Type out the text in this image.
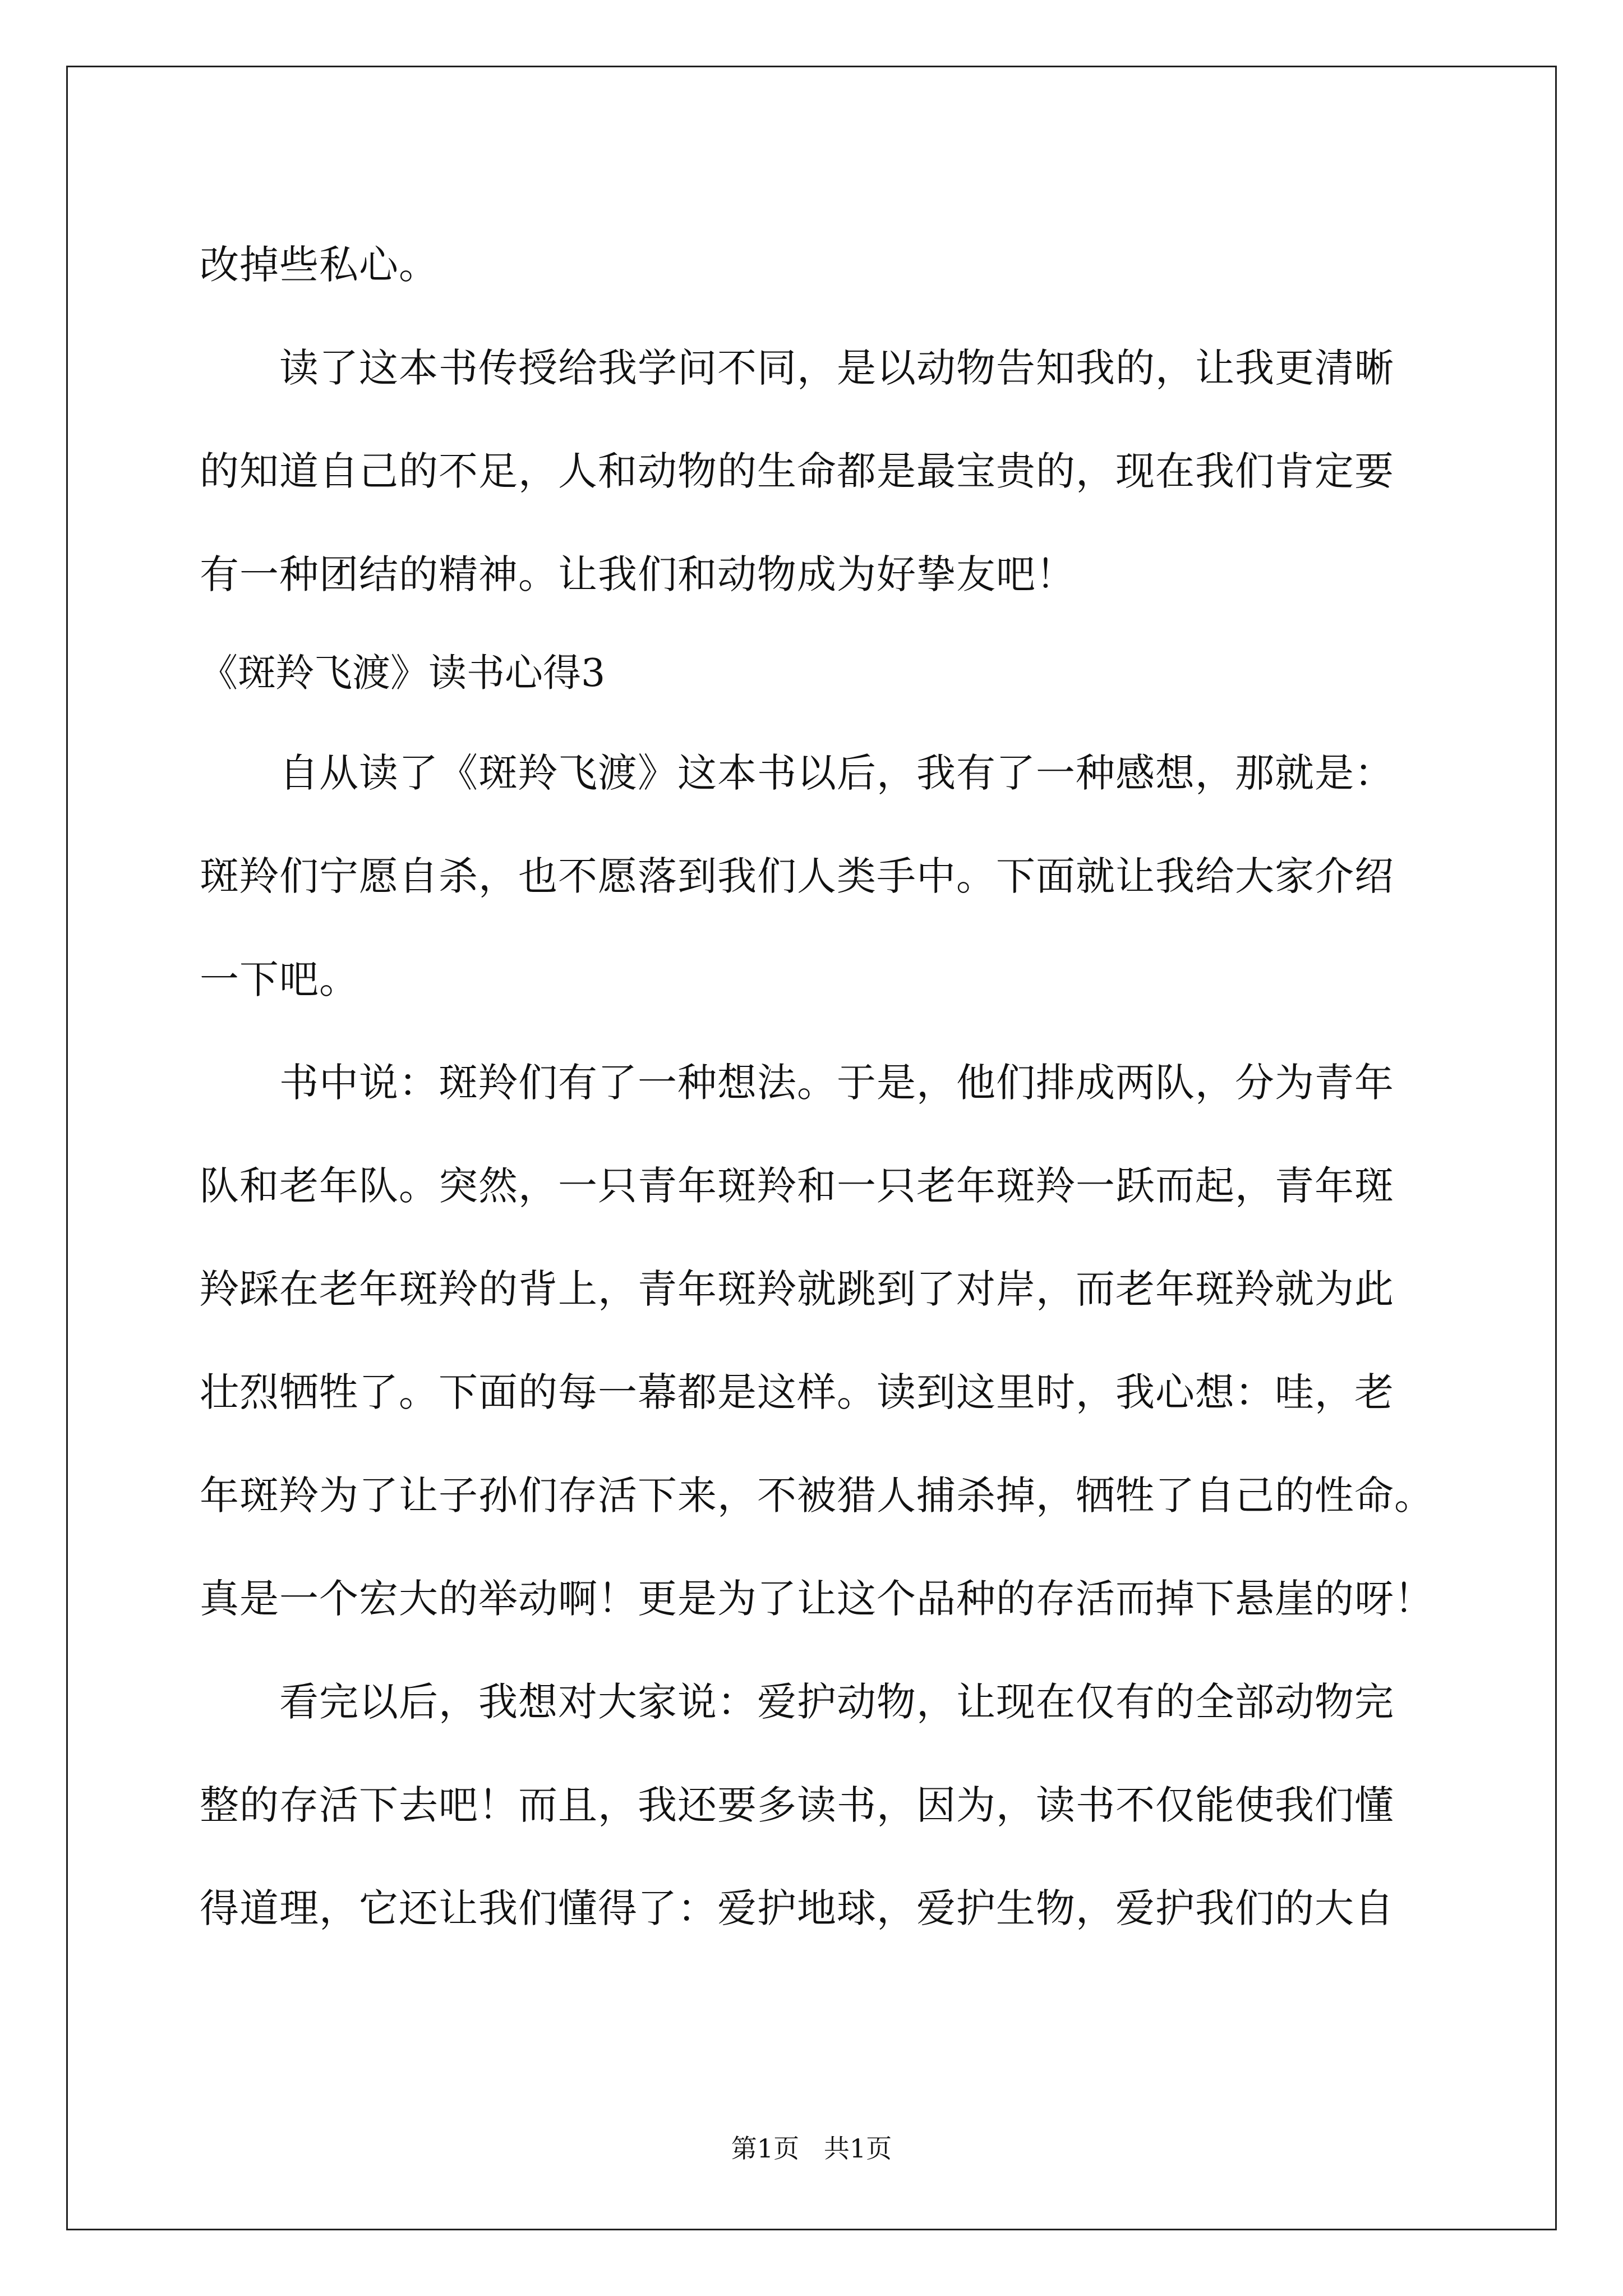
改掉些私心。
　　读了这本书传授给我学问不同，是以动物告知我的，让我更清晰
的知道自己的不足，人和动物的生命都是最宝贵的，现在我们肯定要
有一种团结的精神。让我们和动物成为好挚友吧！
《斑羚飞渡》读书心得3
　　自从读了《斑羚飞渡》这本书以后，我有了一种感想，那就是：
斑羚们宁愿自杀，也不愿落到我们人类手中。下面就让我给大家介绍
一下吧。
　　书中说：斑羚们有了一种想法。于是，他们排成两队，分为青年
队和老年队。突然，一只青年斑羚和一只老年斑羚一跃而起，青年斑
羚踩在老年斑羚的背上，青年斑羚就跳到了对岸，而老年斑羚就为此
壮烈牺牲了。下面的每一幕都是这样。读到这里时，我心想：哇，老
年斑羚为了让子孙们存活下来，不被猎人捕杀掉，牺牲了自己的性命。
真是一个宏大的举动啊！更是为了让这个品种的存活而掉下悬崖的呀！
　　看完以后，我想对大家说：爱护动物，让现在仅有的全部动物完
整的存活下去吧！而且，我还要多读书，因为，读书不仅能使我们懂
得道理，它还让我们懂得了：爱护地球，爱护生物，爱护我们的大自
第1页   共1页
